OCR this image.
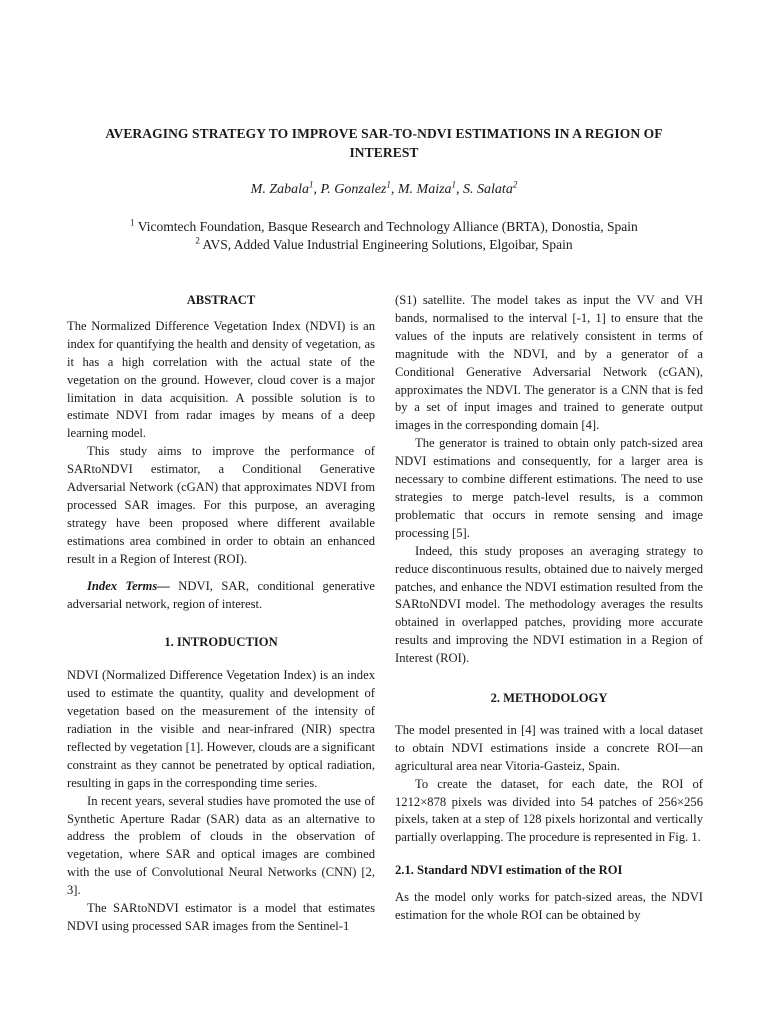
AVERAGING STRATEGY TO IMPROVE SAR-TO-NDVI ESTIMATIONS IN A REGION OF
INTEREST
M. Zabala$^1$, P. Gonzalez$^1$, M. Maiza$^1$, S. Salata$^2$
$^1$ Vicomtech Foundation, Basque Research and Technology Alliance (BRTA), Donostia, Spain
$^2$ AVS, Added Value Industrial Engineering Solutions, Elgoibar, Spain
ABSTRACT

The Normalized Difference Vegetation Index (NDVI) is an index for quantifying the health and density of vegetation, as it has a high correlation with the actual state of the vegetation on the ground. However, cloud cover is a major limitation in data acquisition. A possible solution is to estimate NDVI from radar images by means of a deep learning model.

This study aims to improve the performance of SARtoNDVI estimator, a Conditional Generative Adversarial Network (cGAN) that approximates NDVI from processed SAR images. For this purpose, an averaging strategy have been proposed where different available estimations area combined in order to obtain an enhanced result in a Region of Interest (ROI).

Index Terms— NDVI, SAR, conditional generative adversarial network, region of interest.

1. INTRODUCTION

NDVI (Normalized Difference Vegetation Index) is an index used to estimate the quantity, quality and development of vegetation based on the measurement of the intensity of radiation in the visible and near-infrared (NIR) spectra reflected by vegetation [1]. However, clouds are a significant constraint as they cannot be penetrated by optical radiation, resulting in gaps in the corresponding time series.

In recent years, several studies have promoted the use of Synthetic Aperture Radar (SAR) data as an alternative to address the problem of clouds in the observation of vegetation, where SAR and optical images are combined with the use of Convolutional Neural Networks (CNN) [2, 3].

The SARtoNDVI estimator is a model that estimates NDVI using processed SAR images from the Sentinel-1

(S1) satellite. The model takes as input the VV and VH bands, normalised to the interval [-1, 1] to ensure that the values of the inputs are relatively consistent in terms of magnitude with the NDVI, and by a generator of a Conditional Generative Adversarial Network (cGAN), approximates the NDVI. The generator is a CNN that is fed by a set of input images and trained to generate output images in the corresponding domain [4].

The generator is trained to obtain only patch-sized area NDVI estimations and consequently, for a larger area is necessary to combine different estimations. The need to use strategies to merge patch-level results, is a common problematic that occurs in remote sensing and image processing [5].

Indeed, this study proposes an averaging strategy to reduce discontinuous results, obtained due to naively merged patches, and enhance the NDVI estimation resulted from the SARtoNDVI model. The methodology averages the results obtained in overlapped patches, providing more accurate results and improving the NDVI estimation in a Region of Interest (ROI).

2. METHODOLOGY

The model presented in [4] was trained with a local dataset to obtain NDVI estimations inside a concrete ROI—an agricultural area near Vitoria-Gasteiz, Spain.

To create the dataset, for each date, the ROI of 1212×878 pixels was divided into 54 patches of 256×256 pixels, taken at a step of 128 pixels horizontal and vertically partially overlapping. The procedure is represented in Fig. 1.

2.1. Standard NDVI estimation of the ROI

As the model only works for patch-sized areas, the NDVI estimation for the whole ROI can be obtained by
